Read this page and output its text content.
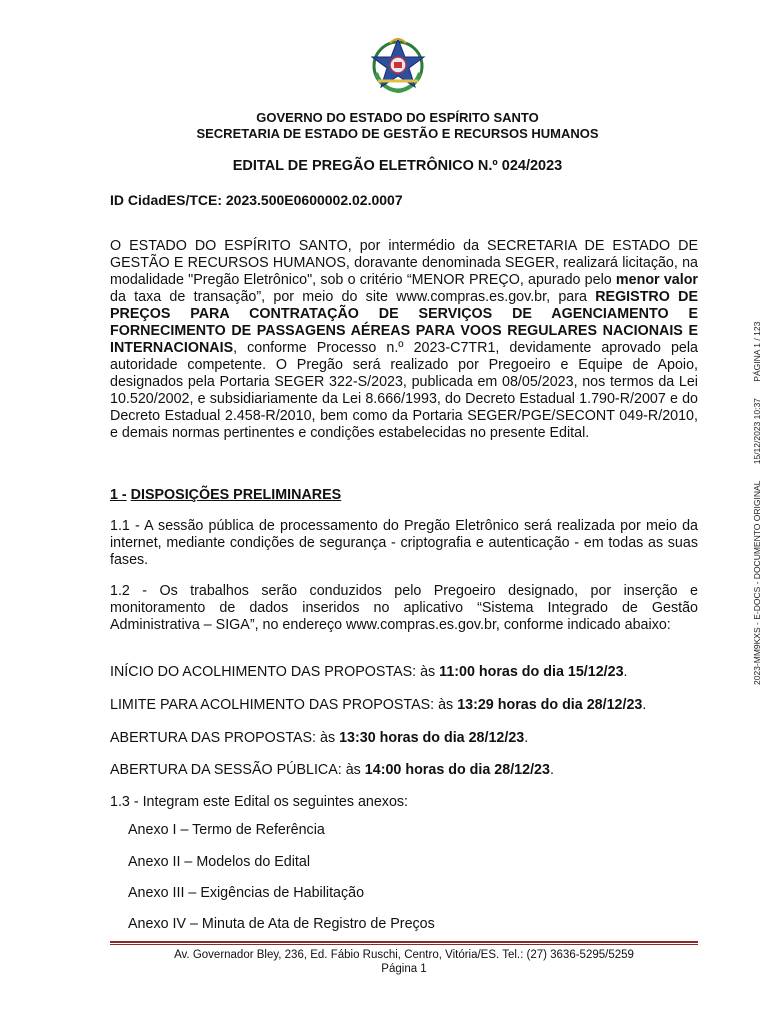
GOVERNO DO ESTADO DO ESPÍRITO SANTO
SECRETARIA DE ESTADO DE GESTÃO E RECURSOS HUMANOS
EDITAL DE PREGÃO ELETRÔNICO N.º 024/2023
ID CidadES/TCE: 2023.500E0600002.02.0007
O ESTADO DO ESPÍRITO SANTO, por intermédio da SECRETARIA DE ESTADO DE GESTÃO E RECURSOS HUMANOS, doravante denominada SEGER, realizará licitação, na modalidade "Pregão Eletrônico", sob o critério “MENOR PREÇO, apurado pelo menor valor da taxa de transação”, por meio do site www.compras.es.gov.br, para REGISTRO DE PREÇOS PARA CONTRATAÇÃO DE SERVIÇOS DE AGENCIAMENTO E FORNECIMENTO DE PASSAGENS AÉREAS PARA VOOS REGULARES NACIONAIS E INTERNACIONAIS, conforme Processo n.º 2023-C7TR1, devidamente aprovado pela autoridade competente. O Pregão será realizado por Pregoeiro e Equipe de Apoio, designados pela Portaria SEGER 322-S/2023, publicada em 08/05/2023, nos termos da Lei 10.520/2002, e subsidiariamente da Lei 8.666/1993, do Decreto Estadual 1.790-R/2007 e do Decreto Estadual 2.458-R/2010, bem como da Portaria SEGER/PGE/SECONT 049-R/2010, e demais normas pertinentes e condições estabelecidas no presente Edital.
1 - DISPOSIÇÕES PRELIMINARES
1.1 - A sessão pública de processamento do Pregão Eletrônico será realizada por meio da internet, mediante condições de segurança - criptografia e autenticação - em todas as suas fases.
1.2 - Os trabalhos serão conduzidos pelo Pregoeiro designado, por inserção e monitoramento de dados inseridos no aplicativo “Sistema Integrado de Gestão Administrativa – SIGA”, no endereço www.compras.es.gov.br, conforme indicado abaixo:
INÍCIO DO ACOLHIMENTO DAS PROPOSTAS: às 11:00 horas do dia 15/12/23.
LIMITE PARA ACOLHIMENTO DAS PROPOSTAS: às 13:29 horas do dia 28/12/23.
ABERTURA DAS PROPOSTAS: às 13:30 horas do dia 28/12/23.
ABERTURA DA SESSÃO PÚBLICA: às 14:00 horas do dia 28/12/23.
1.3 - Integram este Edital os seguintes anexos:
Anexo I – Termo de Referência
Anexo II – Modelos do Edital
Anexo III – Exigências de Habilitação
Anexo IV – Minuta de Ata de Registro de Preços
Av. Governador Bley, 236, Ed. Fábio Ruschi, Centro, Vitória/ES. Tel.: (27) 3636-5295/5259
Página 1
2023-MM9KXS - E-DOCS - DOCUMENTO ORIGINAL 15/12/2023 10:37 PÁGINA 1 / 123
